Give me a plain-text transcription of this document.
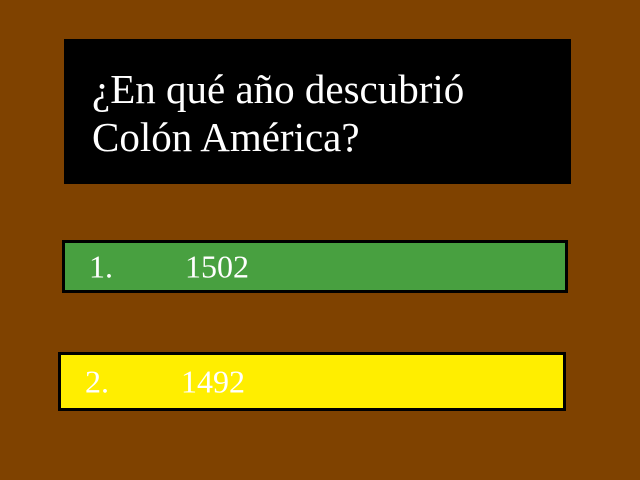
¿En qué año descubrió Colón América?
1. 1502
2. 1492
